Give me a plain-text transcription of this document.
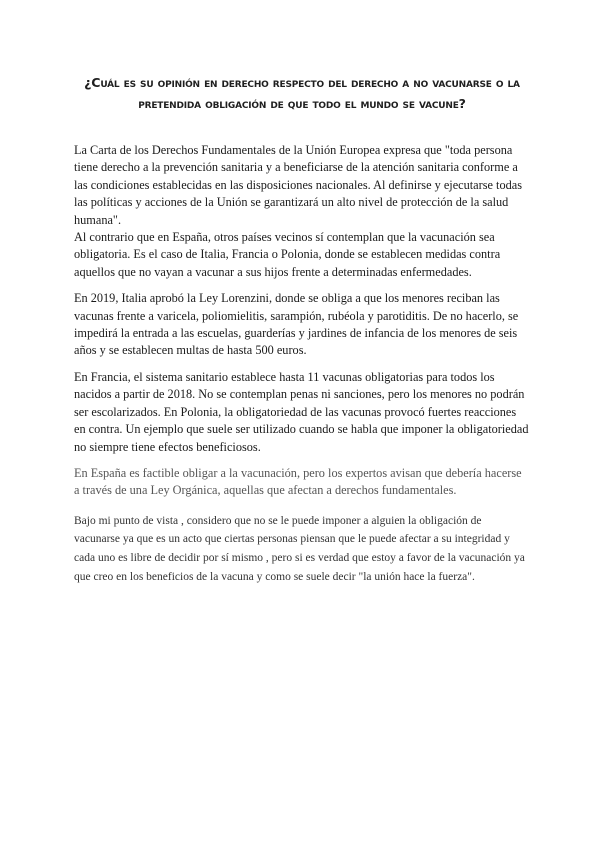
¿Cuál es su opinión en derecho respecto del derecho a no vacunarse o la pretendida obligación de que todo el mundo se vacune?

La Carta de los Derechos Fundamentales de la Unión Europea expresa que "toda persona tiene derecho a la prevención sanitaria y a beneficiarse de la atención sanitaria conforme a las condiciones establecidas en las disposiciones nacionales. Al definirse y ejecutarse todas las políticas y acciones de la Unión se garantizará un alto nivel de protección de la salud humana".

Al contrario que en España, otros países vecinos sí contemplan que la vacunación sea obligatoria. Es el caso de Italia, Francia o Polonia, donde se establecen medidas contra aquellos que no vayan a vacunar a sus hijos frente a determinadas enfermedades.

En 2019, Italia aprobó la Ley Lorenzini, donde se obliga a que los menores reciban las vacunas frente a varicela, poliomielitis, sarampión, rubéola y parotiditis. De no hacerlo, se impedirá la entrada a las escuelas, guarderías y jardines de infancia de los menores de seis años y se establecen multas de hasta 500 euros.

En Francia, el sistema sanitario establece hasta 11 vacunas obligatorias para todos los nacidos a partir de 2018. No se contemplan penas ni sanciones, pero los menores no podrán ser escolarizados. En Polonia, la obligatoriedad de las vacunas provocó fuertes reacciones en contra. Un ejemplo que suele ser utilizado cuando se habla que imponer la obligatoriedad no siempre tiene efectos beneficiosos.

En España es factible obligar a la vacunación, pero los expertos avisan que debería hacerse a través de una Ley Orgánica, aquellas que afectan a derechos fundamentales.

Bajo mi punto de vista , considero que no se le puede imponer a alguien la obligación de vacunarse ya que es un acto que ciertas personas piensan que le puede afectar a su integridad y cada uno es libre de decidir por sí mismo , pero si es verdad que estoy a favor de la vacunación ya que creo en los beneficios de la vacuna y como se suele decir "la unión hace la fuerza".
